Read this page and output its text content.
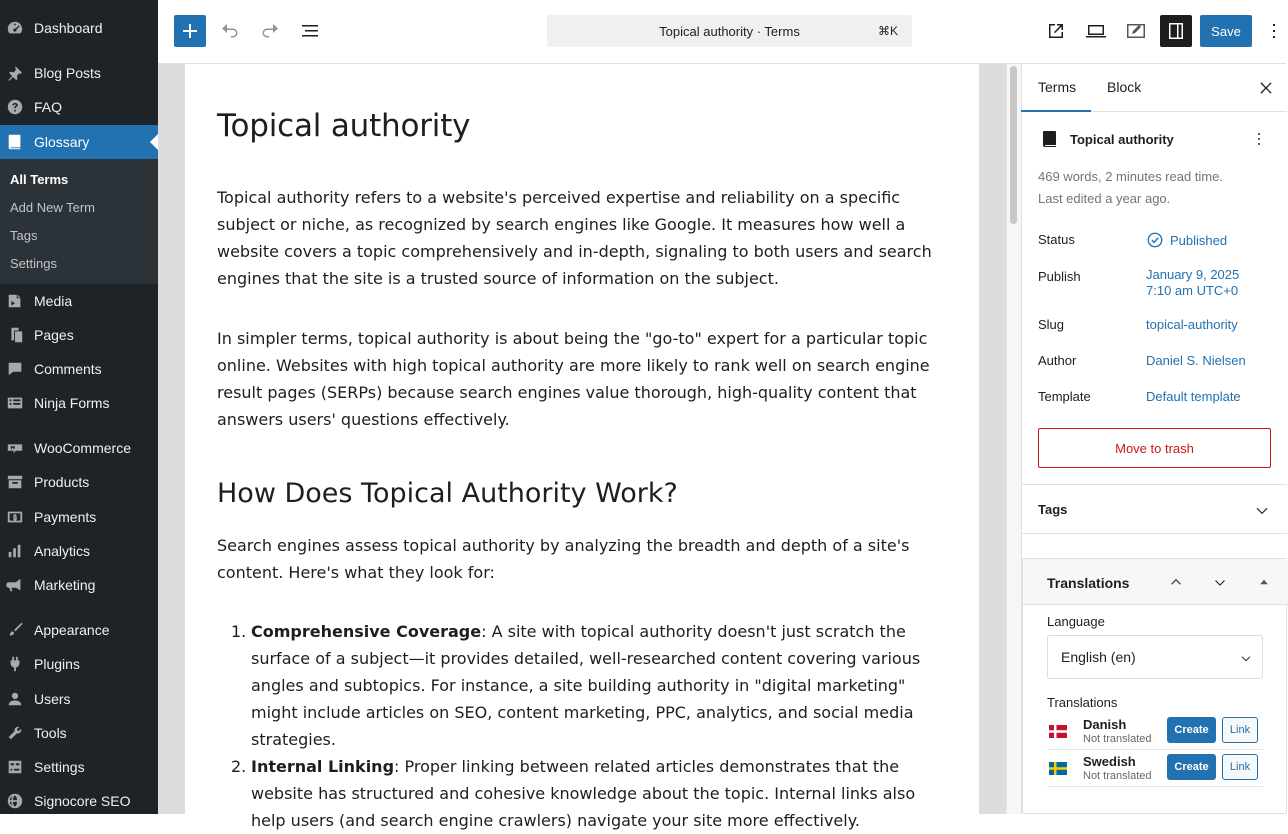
Dashboard
Blog Posts
FAQ
Glossary
All Terms
Add New Term
Tags
Settings
Media
Pages
Comments
Ninja Forms
WooCommerce
Products
Payments
Analytics
Marketing
Appearance
Plugins
Users
Tools
Settings
Signocore SEO
Topical authority · Terms	⌘K	Save
Topical authority
Topical authority refers to a website's perceived expertise and reliability on a specific subject or niche, as recognized by search engines like Google. It measures how well a website covers a topic comprehensively and in-depth, signaling to both users and search engines that the site is a trusted source of information on the subject.
In simpler terms, topical authority is about being the "go-to" expert for a particular topic online. Websites with high topical authority are more likely to rank well on search engine result pages (SERPs) because search engines value thorough, high-quality content that answers users' questions effectively.
How Does Topical Authority Work?
Search engines assess topical authority by analyzing the breadth and depth of a site's content. Here's what they look for:
1. Comprehensive Coverage: A site with topical authority doesn't just scratch the surface of a subject—it provides detailed, well-researched content covering various angles and subtopics. For instance, a site building authority in "digital marketing" might include articles on SEO, content marketing, PPC, analytics, and social media strategies.
2. Internal Linking: Proper linking between related articles demonstrates that the website has structured and cohesive knowledge about the topic. Internal links also help users (and search engine crawlers) navigate your site more effectively.
Terms Block
Topical authority
469 words, 2 minutes read time.
Last edited a year ago.
Status	Published
Publish	January 9, 2025
7:10 am UTC+0
Slug	topical-authority
Author	Daniel S. Nielsen
Template	Default template
Move to trash
Tags
Translations
Language
English (en)
Translations
Danish
Not translated
Create	Link
Swedish
Not translated
Create	Link
